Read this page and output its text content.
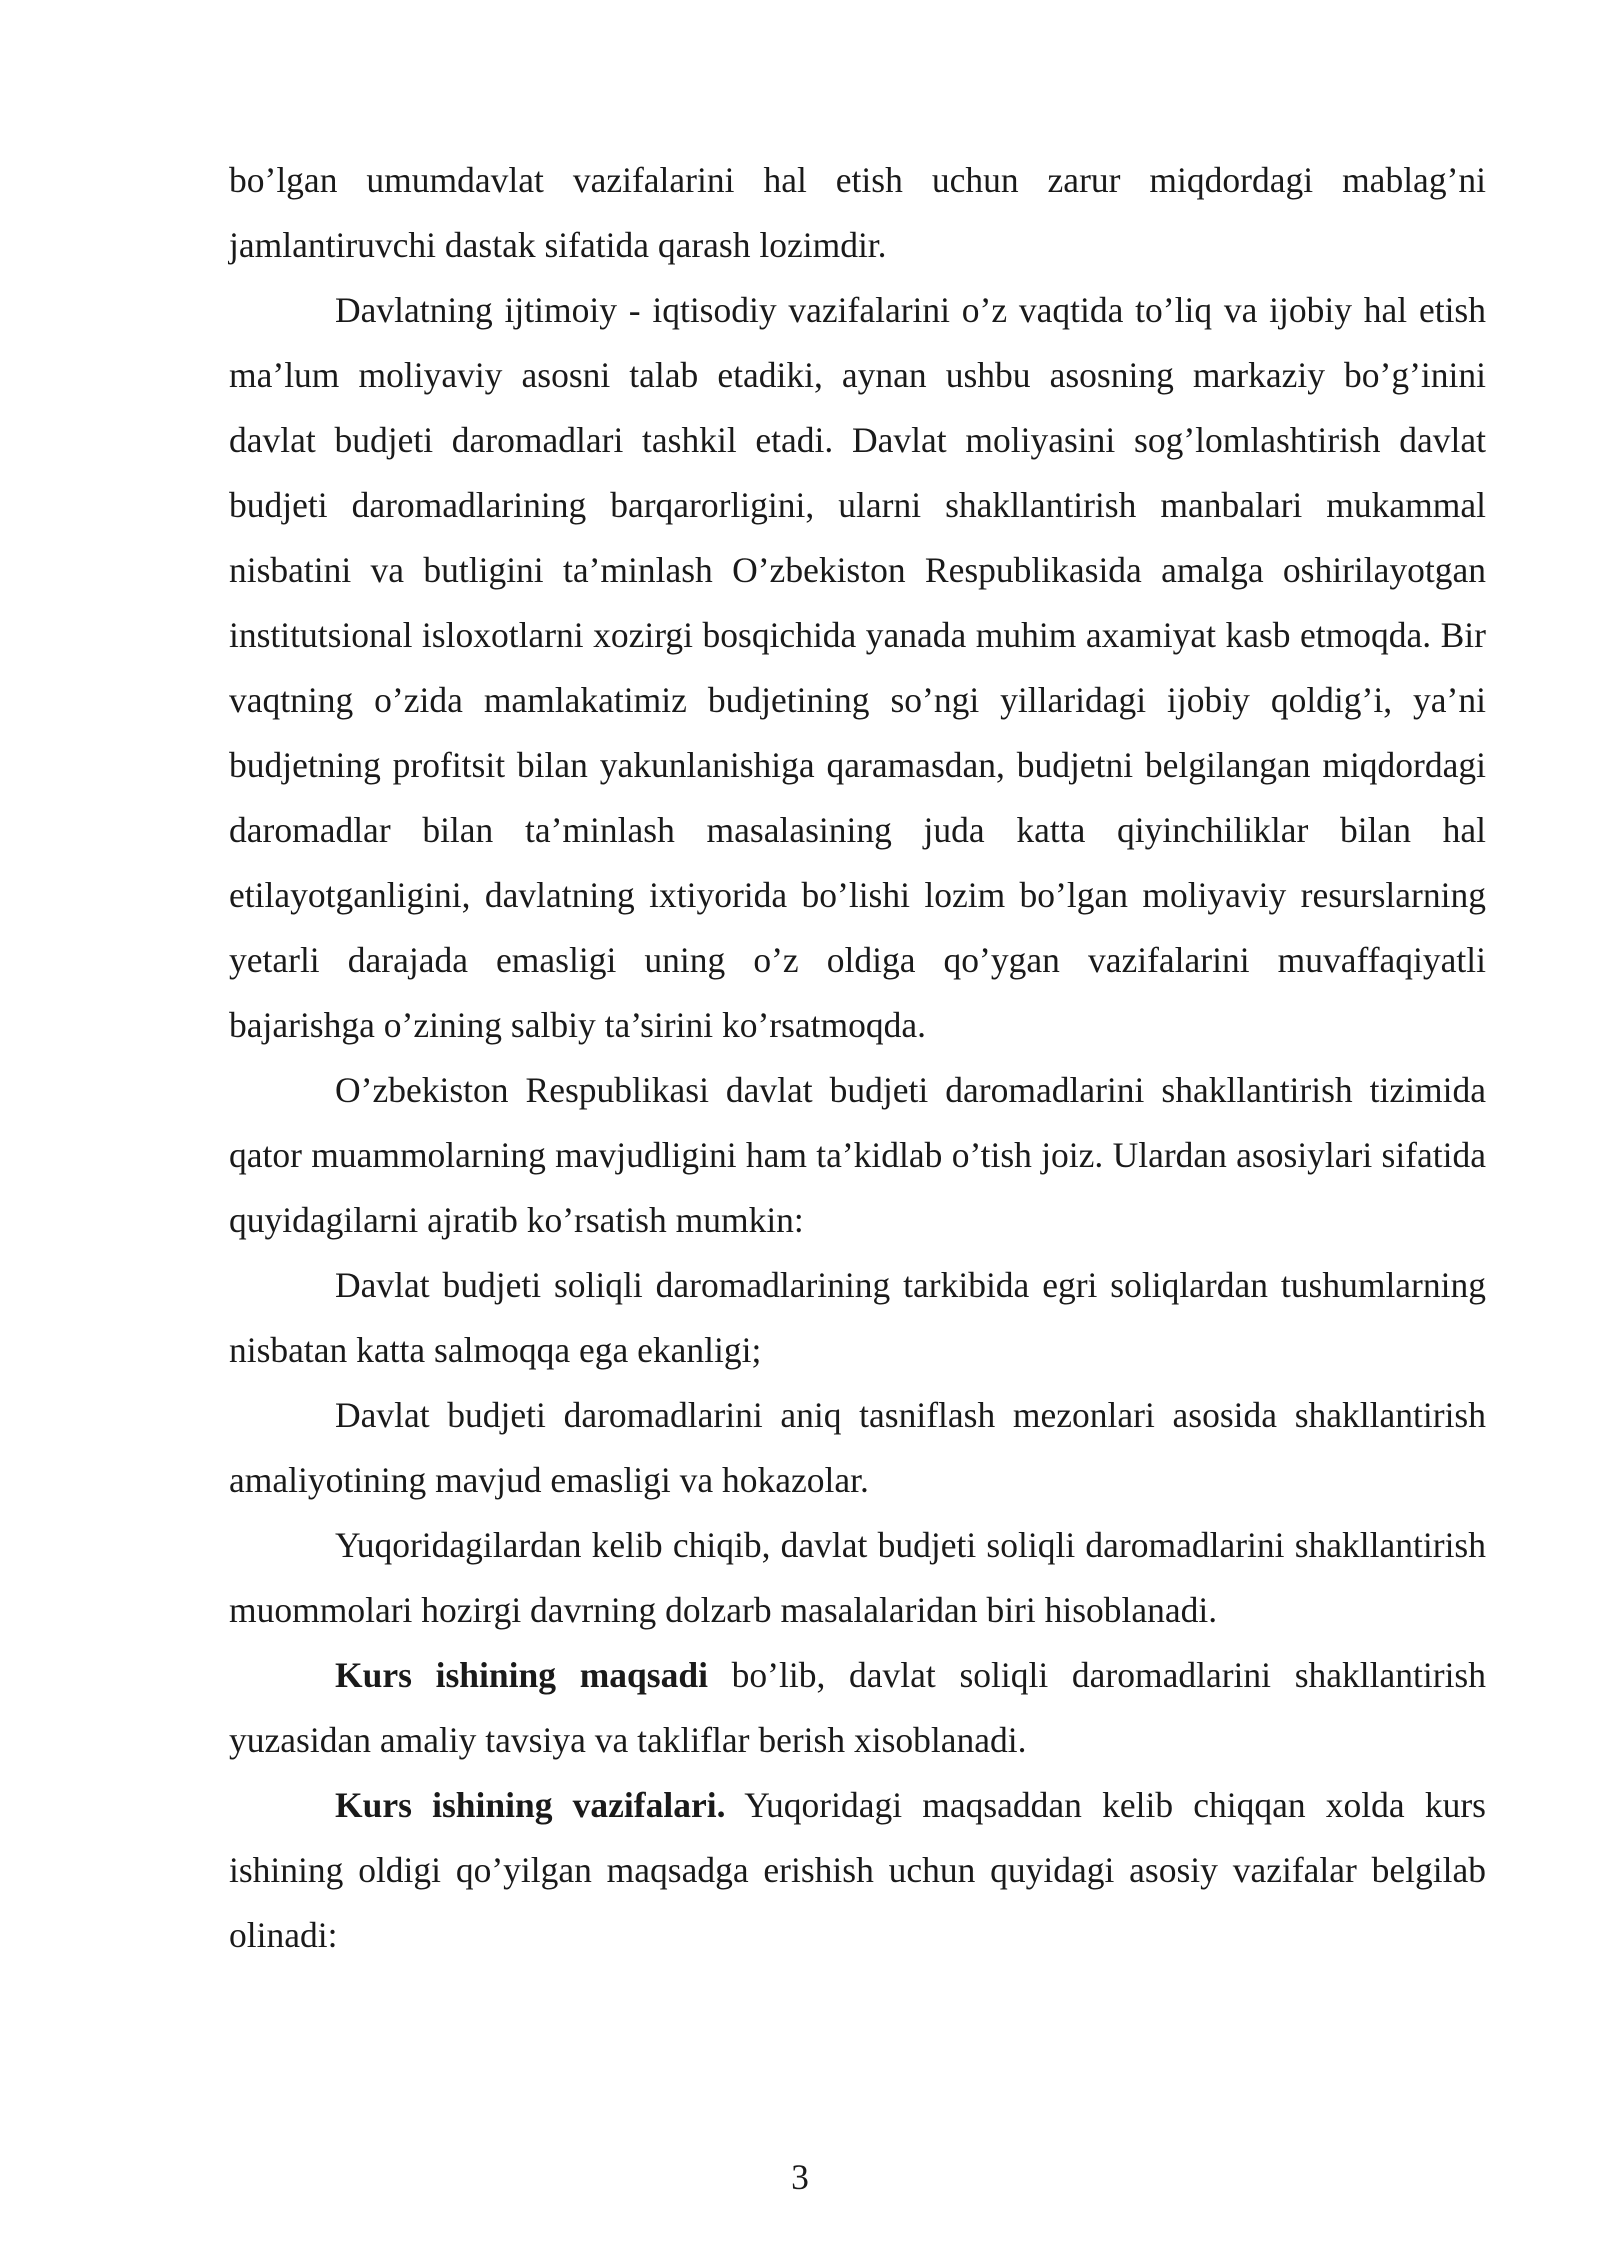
bo’lgan umumdavlat vazifalarini hal etish uchun zarur miqdordagi mablag’ni jamlantiruvchi dastak sifatida qarash lozimdir.

Davlatning ijtimoiy - iqtisodiy vazifalarini o’z vaqtida to’liq va ijobiy hal etish ma’lum moliyaviy asosni talab etadiki, aynan ushbu asosning markaziy bo’g’inini davlat budjeti daromadlari tashkil etadi. Davlat moliyasini sog’lomlashtirish davlat budjeti daromadlarining barqarorligini, ularni shakllantirish manbalari mukammal nisbatini va butligini ta’minlash O’zbekiston Respublikasida amalga oshirilayotgan institutsional isloxotlarni xozirgi bosqichida yanada muhim axamiyat kasb etmoqda. Bir vaqtning o’zida mamlakatimiz budjetining so’ngi yillaridagi ijobiy qoldig’i, ya’ni budjetning profitsit bilan yakunlanishiga qaramasdan, budjetni belgilangan miqdordagi daromadlar bilan ta’minlash masalasining juda katta qiyinchiliklar bilan hal etilayotganligini, davlatning ixtiyorida bo’lishi lozim bo’lgan moliyaviy resurslarning yetarli darajada emasligi uning o’z oldiga qo’ygan vazifalarini muvaffaqiyatli bajarishga o’zining salbiy ta’sirini ko’rsatmoqda.

O’zbekiston Respublikasi davlat budjeti daromadlarini shakllantirish tizimida qator muammolarning mavjudligini ham ta’kidlab o’tish joiz. Ulardan asosiylari sifatida quyidagilarni ajratib ko’rsatish mumkin:

Davlat budjeti soliqli daromadlarining tarkibida egri soliqlardan tushumlarning nisbatan katta salmoqqa ega ekanligi;

Davlat budjeti daromadlarini aniq tasniflash mezonlari asosida shakllantirish amaliyotining mavjud emasligi va hokazolar.

Yuqoridagilardan kelib chiqib, davlat budjeti soliqli daromadlarini shakllantirish muommolari hozirgi davrning dolzarb masalalaridan biri hisoblanadi.

Kurs ishining maqsadi bo’lib, davlat soliqli daromadlarini shakllantirish yuzasidan amaliy tavsiya va takliflar berish xisoblanadi.

Kurs ishining vazifalari. Yuqoridagi maqsaddan kelib chiqqan xolda kurs ishining oldigi qo’yilgan maqsadga erishish uchun quyidagi asosiy vazifalar belgilab olinadi:

3
